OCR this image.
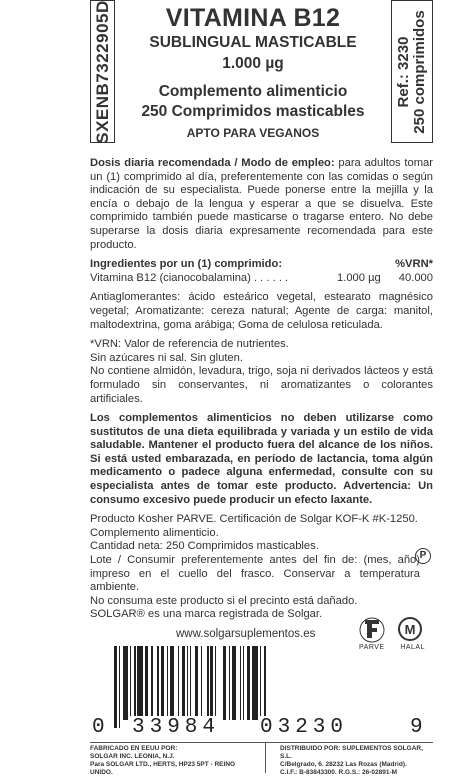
SXENB7322905D	VITAMINA B12
SUBLINGUAL MASTICABLE
1.000 µg
Complemento alimenticio
250 Comprimidos masticables
APTO PARA VEGANOS
Ref.: 3230 250 comprimidos

Dosis diaria recomendada / Modo de empleo: para adultos tomar un (1) comprimido al día, preferentemente con las comidas o según indicación de su especialista. Puede ponerse entre la mejilla y la encía o debajo de la lengua y esperar a que se disuelva. Este comprimido también puede masticarse o tragarse entero. No debe superarse la dosis diaria expresamente recomendada para este producto.

Ingredientes por un (1) comprimido:	%VRN*
Vitamina B12 (cianocobalamina) . . . . . .	1.000 µg 40.000

Antiaglomerantes: ácido esteárico vegetal, estearato magnésico vegetal; Aromatizante: cereza natural; Agente de carga: manitol, maltodextrina, goma arábiga; Goma de celulosa reticulada.

*VRN: Valor de referencia de nutrientes.

Sin azúcares ni sal. Sin gluten.

No contiene almidón, levadura, trigo, soja ni derivados lácteos y está formulado sin conservantes, ni aromatizantes o colorantes artificiales.

Los complementos alimenticios no deben utilizarse como sustitutos de una dieta equilibrada y variada y un estilo de vida saludable. Mantener el producto fuera del alcance de los niños. Si está usted embarazada, en período de lactancia, toma algún medicamento o padece alguna enfermedad, consulte con su especialista antes de tomar este producto. Advertencia: Un consumo excesivo puede producir un efecto laxante.

Producto Kosher PARVE. Certificación de Solgar KOF-K #K-1250.
Complemento alimenticio.
Cantidad neta: 250 Comprimidos masticables.
Lote / Consumir preferentemente antes del fin de: (mes, año) impreso en el cuello del frasco. Conservar a temperatura ambiente.
No consuma este producto si el precinto está dañado.
SOLGAR® es una marca registrada de Solgar.
P
PARVE
M
HALAL
www.solgarsuplementos.es
0 33984 03230	9
FABRICADO EN EEUU POR:
SOLGAR INC. LEONIA, N.J.
Para SOLGAR LTD., HERTS, HP23 5PT - REINO UNIDO.
DISTRIBUIDO POR: SUPLEMENTOS SOLGAR, S.L.
C/Belgrado, 6. 28232 Las Rozas (Madrid).
C.I.F.: B-83843300. R.G.S.: 26-02891-M
